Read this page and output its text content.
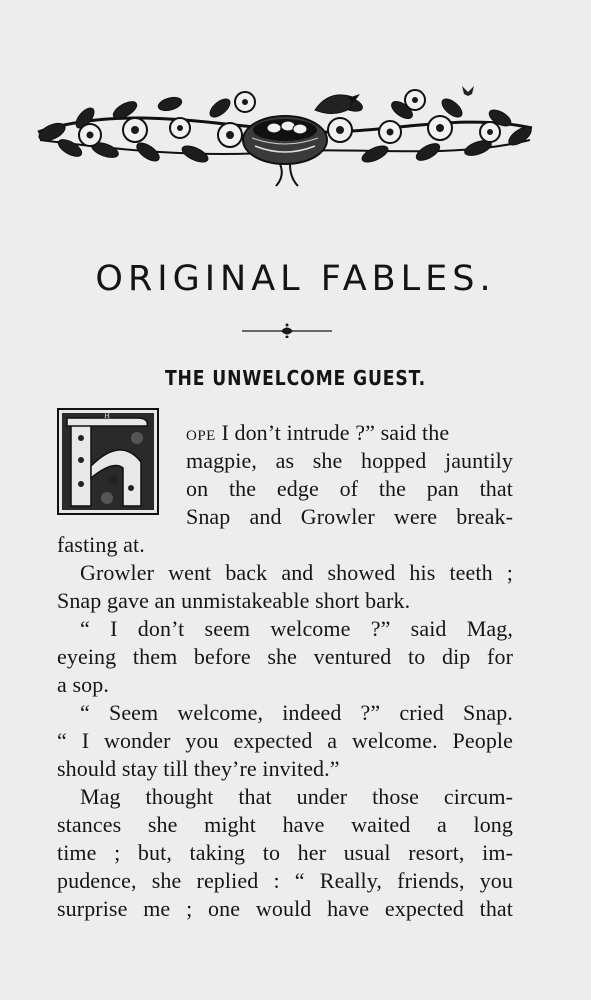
ORIGINAL FABLES.
THE UNWELCOME GUEST.
H
OPE I don’t intrude ?” said the
magpie, as she hopped jauntily
on the edge of the pan that
Snap and Growler were break-
fasting at.
Growler went back and showed his teeth ;
Snap gave an unmistakeable short bark.
“ I don’t seem welcome ?” said Mag,
eyeing them before she ventured to dip for
a sop.
“ Seem welcome, indeed ?” cried Snap.
“ I wonder you expected a welcome. People
should stay till they’re invited.”
Mag thought that under those circum-
stances she might have waited a long
time ; but, taking to her usual resort, im-
pudence, she replied : “ Really, friends, you
surprise me ; one would have expected that
